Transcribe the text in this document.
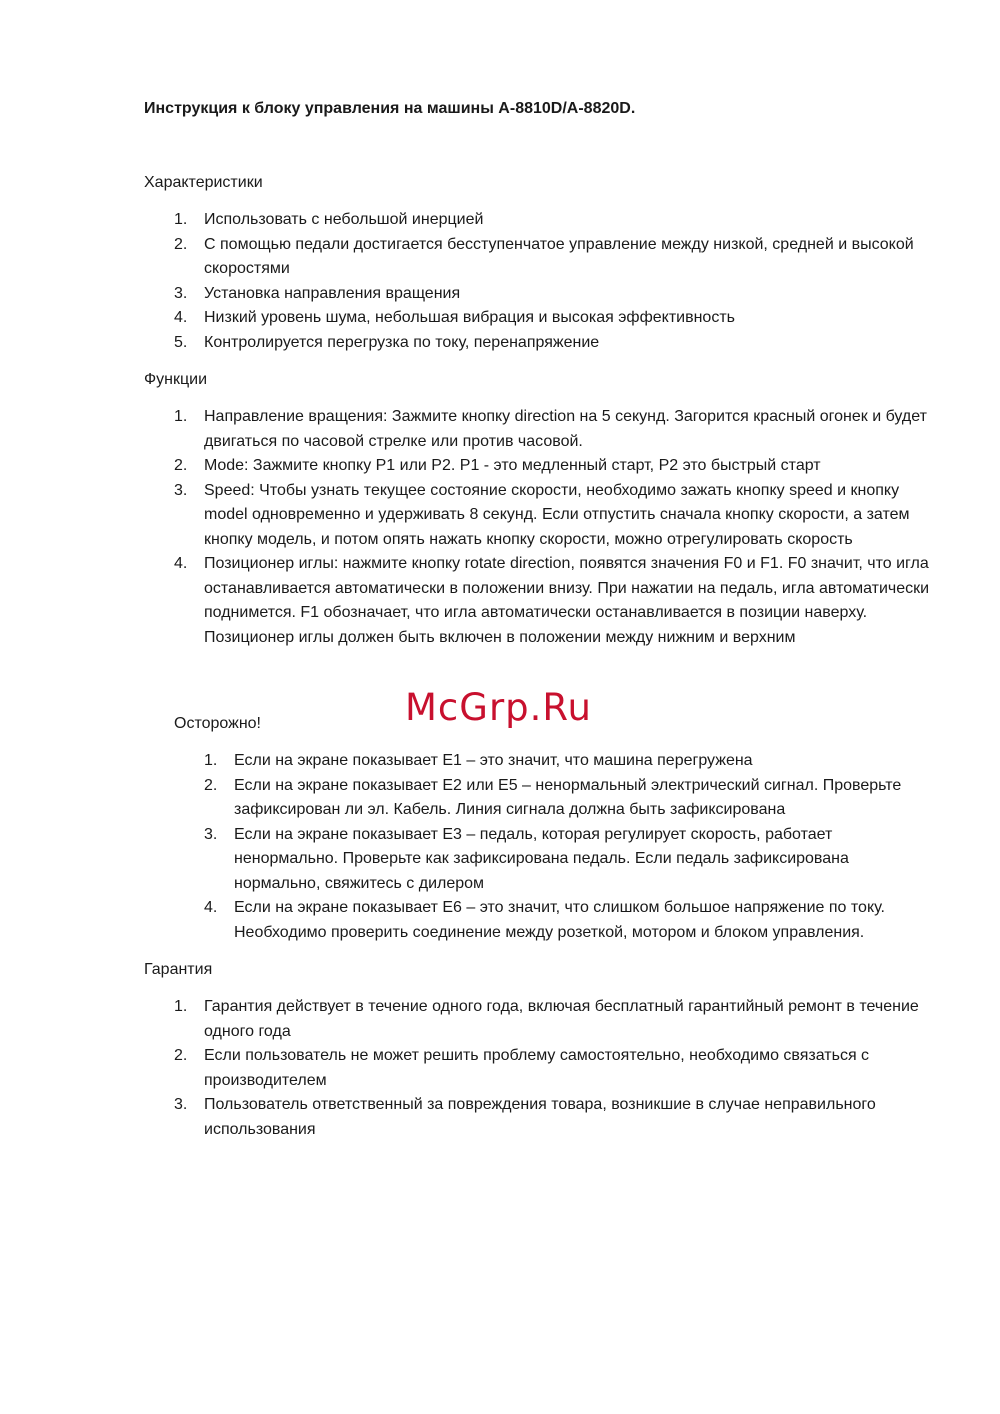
Инструкция к блоку управления на машины А-8810D/A-8820D.
Характеристики
1. Использовать с небольшой инерцией
2. С помощью педали достигается бесступенчатое управление между низкой, средней и высокой скоростями
3. Установка направления вращения
4. Низкий уровень шума, небольшая вибрация и высокая эффективность
5. Контролируется перегрузка по току, перенапряжение
Функции
1. Направление вращения: Зажмите кнопку direction на 5 секунд. Загорится красный огонек и будет двигаться по часовой стрелке или против часовой.
2. Mode: Зажмите кнопку P1 или P2. P1 - это медленный старт, P2 это быстрый старт
3. Speed: Чтобы узнать текущее состояние скорости, необходимо зажать кнопку speed и кнопку model одновременно и удерживать 8 секунд. Если отпустить сначала кнопку скорости, а затем кнопку модель, и потом опять нажать кнопку скорости, можно отрегулировать скорость
4. Позиционер иглы: нажмите кнопку rotate direction, появятся значения F0 и F1. F0 значит, что игла останавливается автоматически в положении внизу. При нажатии на педаль, игла автоматически поднимется. F1 обозначает, что игла автоматически останавливается в позиции наверху. Позиционер иглы должен быть включен в положении между нижним и верхним
Осторожно!
1. Если на экране показывает Е1 – это значит, что машина перегружена
2. Если на экране показывает Е2 или Е5 – ненормальный электрический сигнал. Проверьте зафиксирован ли эл. Кабель. Линия сигнала должна быть зафиксирована
3. Если на экране показывает Е3 – педаль, которая регулирует скорость, работает ненормально. Проверьте как зафиксирована педаль. Если педаль зафиксирована нормально, свяжитесь с дилером
4. Если на экране показывает Е6 – это значит, что слишком большое напряжение по току. Необходимо проверить соединение между розеткой, мотором и блоком управления.
Гарантия
1. Гарантия действует в течение одного года, включая бесплатный гарантийный ремонт в течение одного года
2. Если пользователь не может решить проблему самостоятельно, необходимо связаться с производителем
3. Пользователь ответственный за повреждения товара, возникшие в случае неправильного использования
McGrp.Ru
